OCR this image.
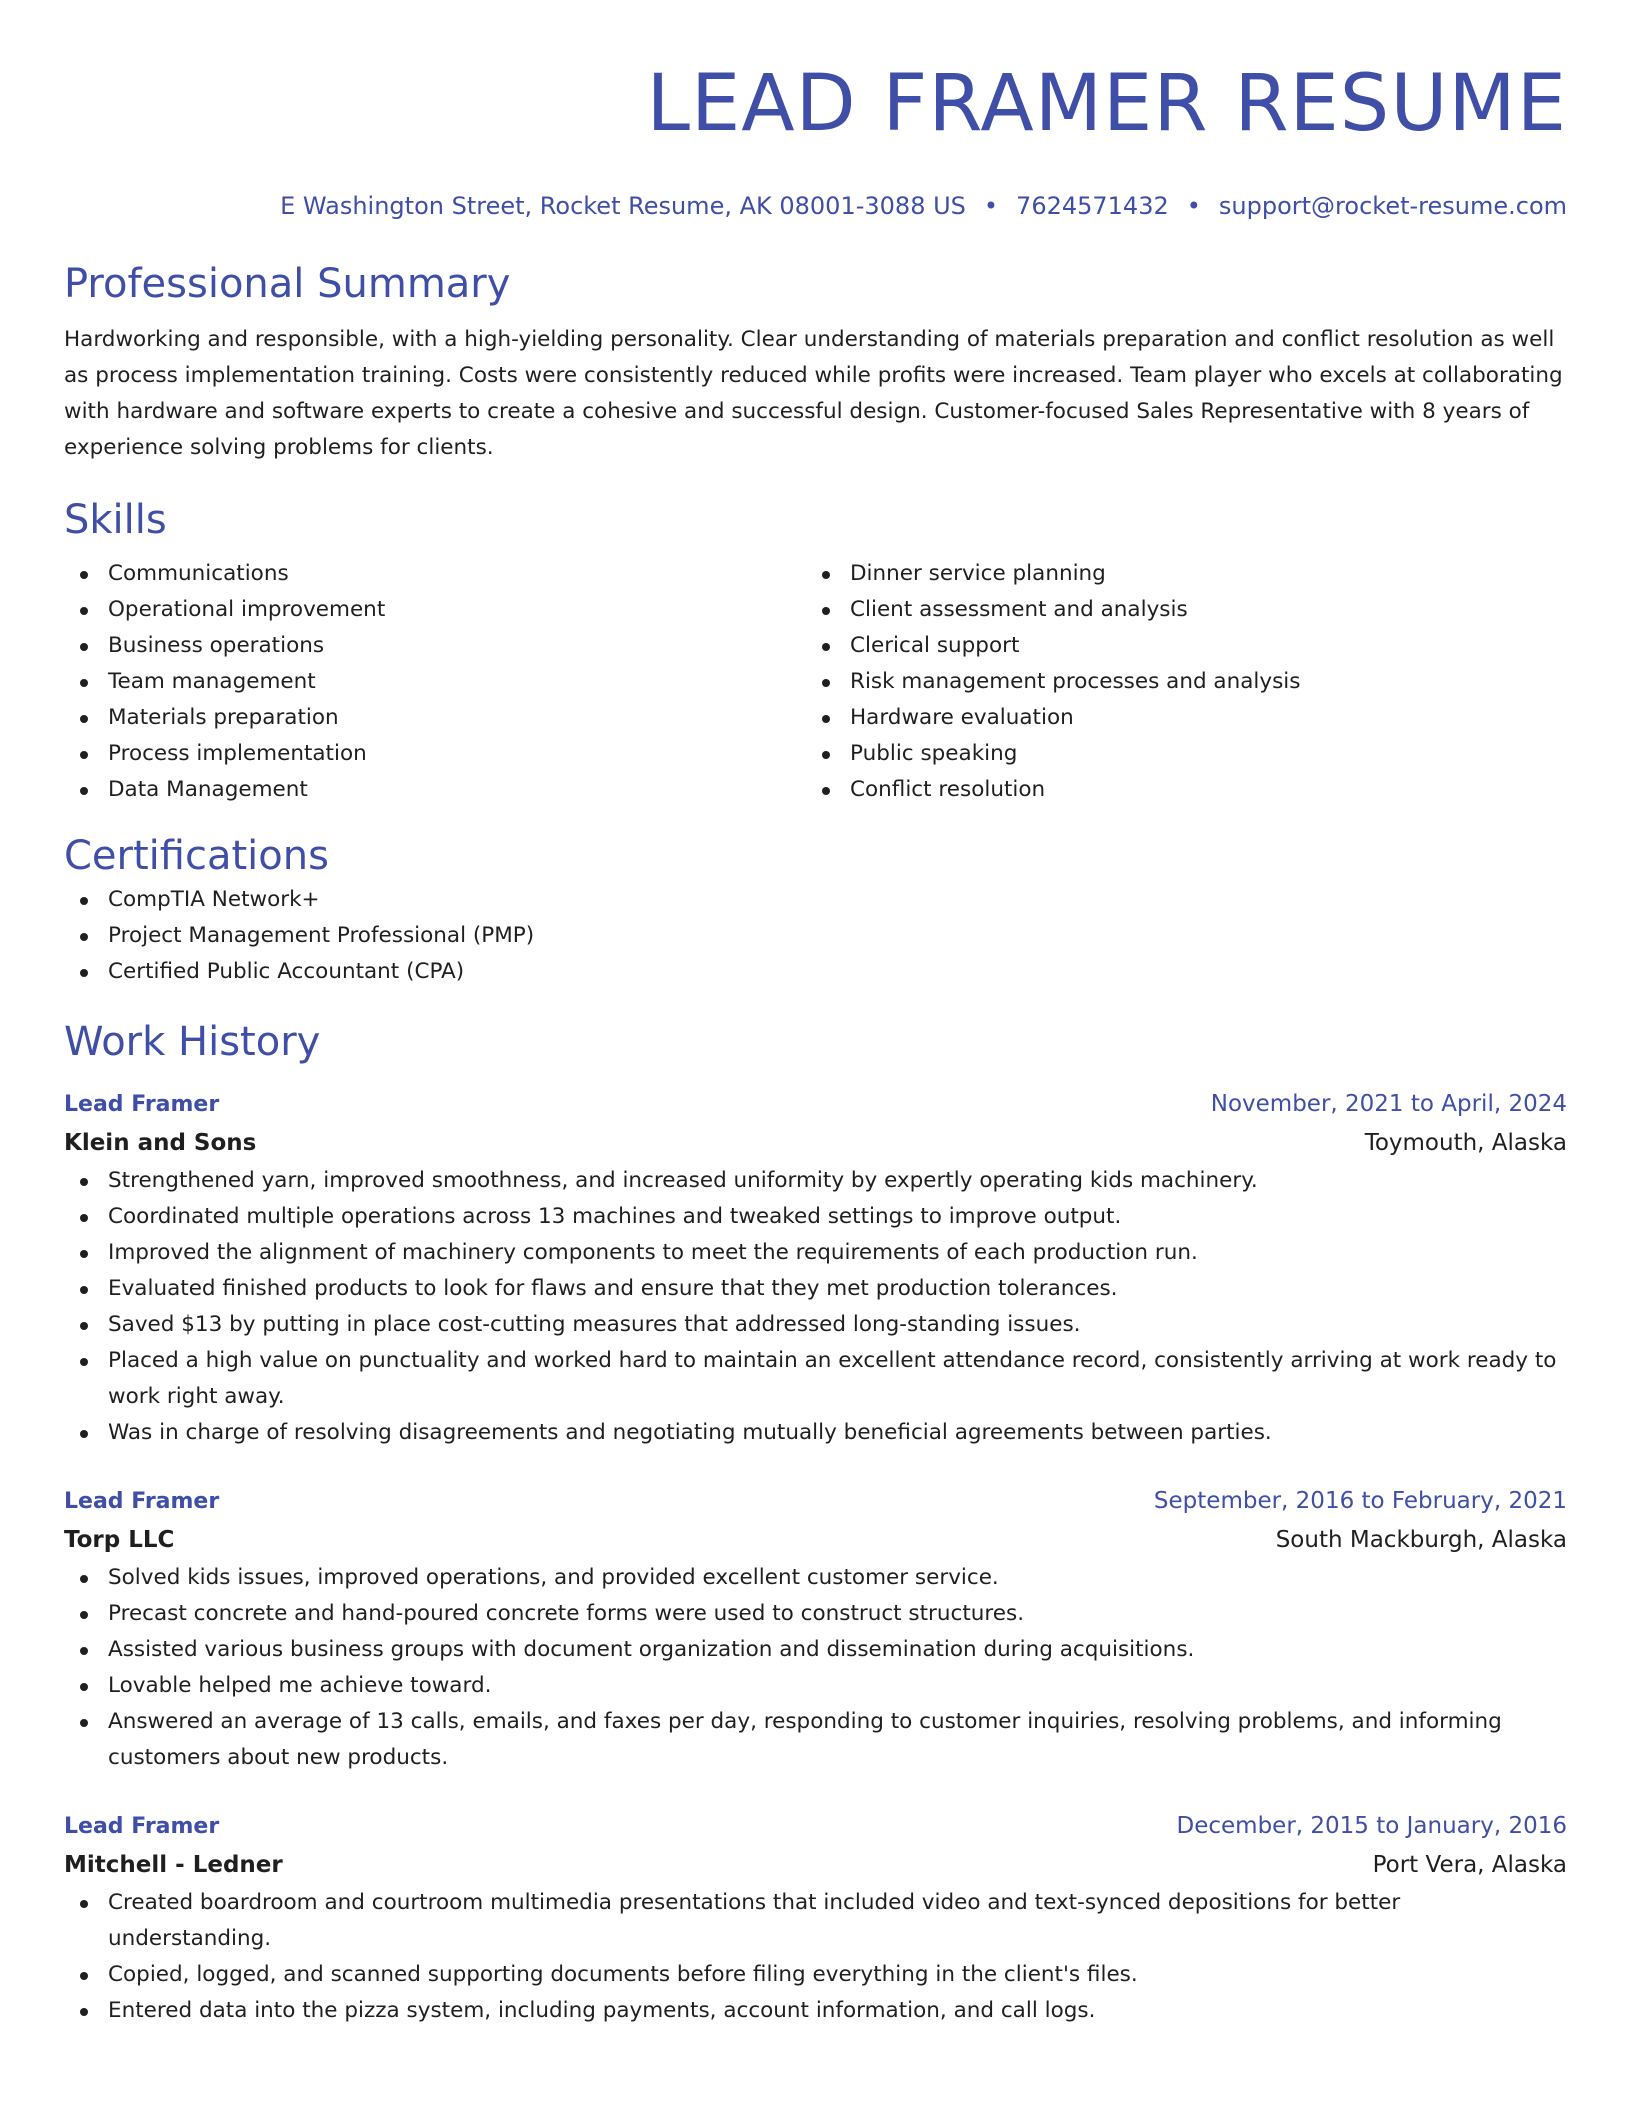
LEAD FRAMER RESUME
E Washington Street, Rocket Resume, AK 08001-3088 US • 7624571432 • support@rocket-resume.com
Professional Summary
Hardworking and responsible, with a high-yielding personality. Clear understanding of materials preparation and conflict resolution as well as process implementation training. Costs were consistently reduced while profits were increased. Team player who excels at collaborating with hardware and software experts to create a cohesive and successful design. Customer-focused Sales Representative with 8 years of experience solving problems for clients.
Skills
Communications
Operational improvement
Business operations
Team management
Materials preparation
Process implementation
Data Management
Dinner service planning
Client assessment and analysis
Clerical support
Risk management processes and analysis
Hardware evaluation
Public speaking
Conflict resolution
Certifications
CompTIA Network+
Project Management Professional (PMP)
Certified Public Accountant (CPA)
Work History
Lead Framer	November, 2021 to April, 2024
Klein and Sons	Toymouth, Alaska
Strengthened yarn, improved smoothness, and increased uniformity by expertly operating kids machinery.
Coordinated multiple operations across 13 machines and tweaked settings to improve output.
Improved the alignment of machinery components to meet the requirements of each production run.
Evaluated finished products to look for flaws and ensure that they met production tolerances.
Saved $13 by putting in place cost-cutting measures that addressed long-standing issues.
Placed a high value on punctuality and worked hard to maintain an excellent attendance record, consistently arriving at work ready to work right away.
Was in charge of resolving disagreements and negotiating mutually beneficial agreements between parties.
Lead Framer	September, 2016 to February, 2021
Torp LLC	South Mackburgh, Alaska
Solved kids issues, improved operations, and provided excellent customer service.
Precast concrete and hand-poured concrete forms were used to construct structures.
Assisted various business groups with document organization and dissemination during acquisitions.
Lovable helped me achieve toward.
Answered an average of 13 calls, emails, and faxes per day, responding to customer inquiries, resolving problems, and informing customers about new products.
Lead Framer	December, 2015 to January, 2016
Mitchell - Ledner	Port Vera, Alaska
Created boardroom and courtroom multimedia presentations that included video and text-synced depositions for better understanding.
Copied, logged, and scanned supporting documents before filing everything in the client's files.
Entered data into the pizza system, including payments, account information, and call logs.
